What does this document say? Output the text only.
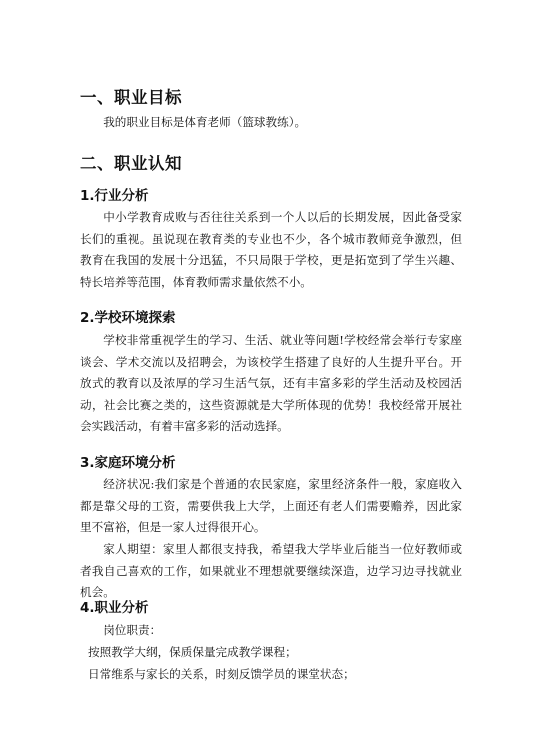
一、职业目标
我的职业目标是体育老师（篮球教练）。
二、职业认知
1.行业分析
中小学教育成败与否往往关系到一个人以后的长期发展，因此备受家长们的重视。虽说现在教育类的专业也不少，各个城市教师竞争激烈，但教育在我国的发展十分迅猛，不只局限于学校，更是拓宽到了学生兴趣、特长培养等范围，体育教师需求量依然不小。
2.学校环境探索
学校非常重视学生的学习、生活、就业等问题!学校经常会举行专家座谈会、学术交流以及招聘会，为该校学生搭建了良好的人生提升平台。开放式的教育以及浓厚的学习生活气氛，还有丰富多彩的学生活动及校园活动，社会比赛之类的，这些资源就是大学所体现的优势！我校经常开展社会实践活动，有着丰富多彩的活动选择。
3.家庭环境分析
经济状况:我们家是个普通的农民家庭，家里经济条件一般，家庭收入都是靠父母的工资，需要供我上大学，上面还有老人们需要赡养，因此家里不富裕，但是一家人过得很开心。
家人期望：家里人都很支持我，希望我大学毕业后能当一位好教师或者我自己喜欢的工作，如果就业不理想就要继续深造，边学习边寻找就业机会。
4.职业分析
岗位职责：
按照教学大纲，保质保量完成教学课程；
日常维系与家长的关系，时刻反馈学员的课堂状态；
